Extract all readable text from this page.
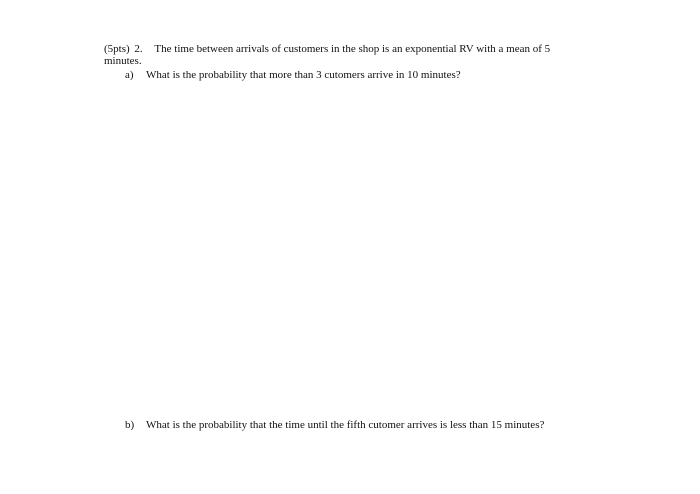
(5pts) 2. The time between arrivals of customers in the shop is an exponential RV with a mean of 5
minutes.
a) What is the probability that more than 3 cutomers arrive in 10 minutes?
b) What is the probability that the time until the fifth cutomer arrives is less than 15 minutes?
